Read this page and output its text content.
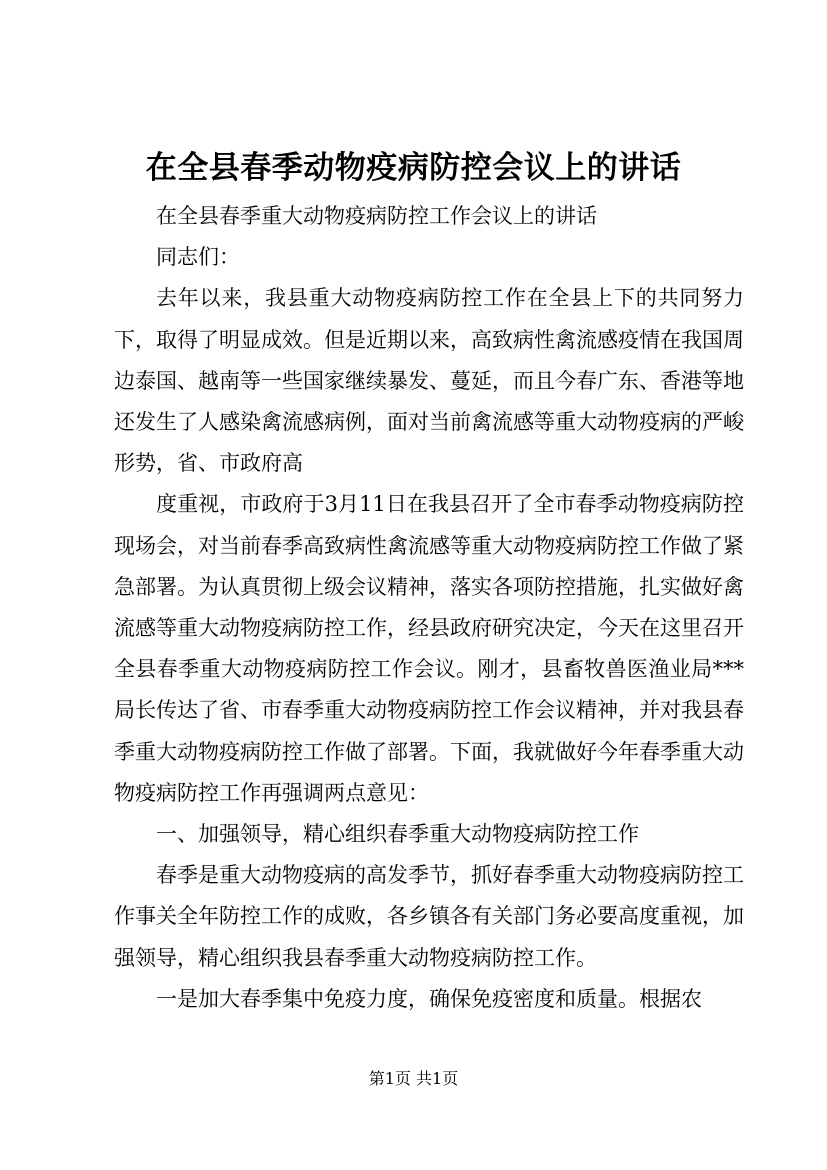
在全县春季动物疫病防控会议上的讲话

在全县春季重大动物疫病防控工作会议上的讲话

同志们：

去年以来，我县重大动物疫病防控工作在全县上下的共同努力下，取得了明显成效。但是近期以来，高致病性禽流感疫情在我国周边泰国、越南等一些国家继续暴发、蔓延，而且今春广东、香港等地还发生了人感染禽流感病例，面对当前禽流感等重大动物疫病的严峻形势，省、市政府高

度重视，市政府于3月11日在我县召开了全市春季动物疫病防控现场会，对当前春季高致病性禽流感等重大动物疫病防控工作做了紧急部署。为认真贯彻上级会议精神，落实各项防控措施，扎实做好禽流感等重大动物疫病防控工作，经县政府研究决定，今天在这里召开全县春季重大动物疫病防控工作会议。刚才，县畜牧兽医渔业局***局长传达了省、市春季重大动物疫病防控工作会议精神，并对我县春季重大动物疫病防控工作做了部署。下面，我就做好今年春季重大动物疫病防控工作再强调两点意见：

一、加强领导，精心组织春季重大动物疫病防控工作

春季是重大动物疫病的高发季节，抓好春季重大动物疫病防控工作事关全年防控工作的成败，各乡镇各有关部门务必要高度重视，加强领导，精心组织我县春季重大动物疫病防控工作。

一是加大春季集中免疫力度，确保免疫密度和质量。根据农

第1页 共1页
